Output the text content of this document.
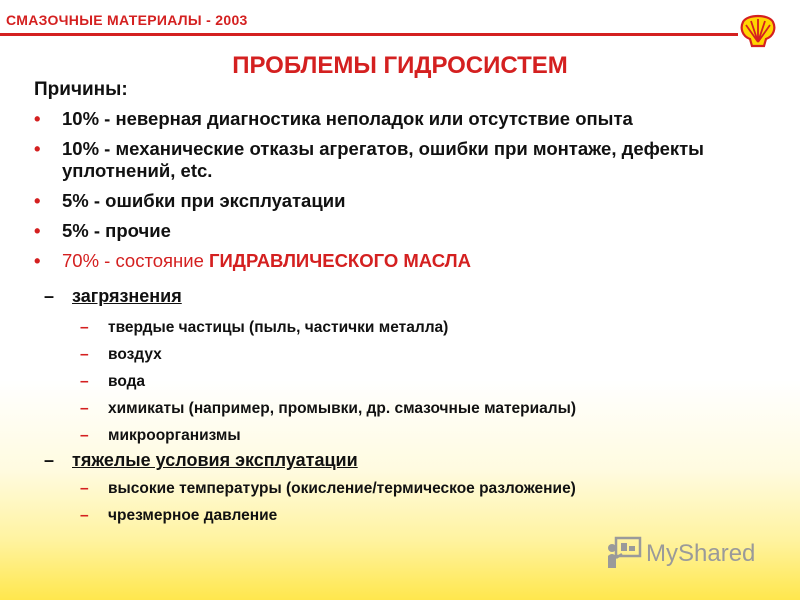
СМАЗОЧНЫЕ МАТЕРИАЛЫ - 2003
ПРОБЛЕМЫ ГИДРОСИСТЕМ
Причины:
• 10% - неверная диагностика неполадок или отсутствие опыта
• 10% - механические отказы агрегатов, ошибки при монтаже, дефекты уплотнений, etc.
• 5% - ошибки при эксплуатации
• 5% - прочие
• 70% - состояние ГИДРАВЛИЧЕСКОГО МАСЛА
– загрязнения
– твердые частицы (пыль, частички металла)
– воздух
– вода
– химикаты (например, промывки, др. смазочные материалы)
– микроорганизмы
– тяжелые условия эксплуатации
– высокие температуры (окисление/термическое разложение)
– чрезмерное давление
MyShared
